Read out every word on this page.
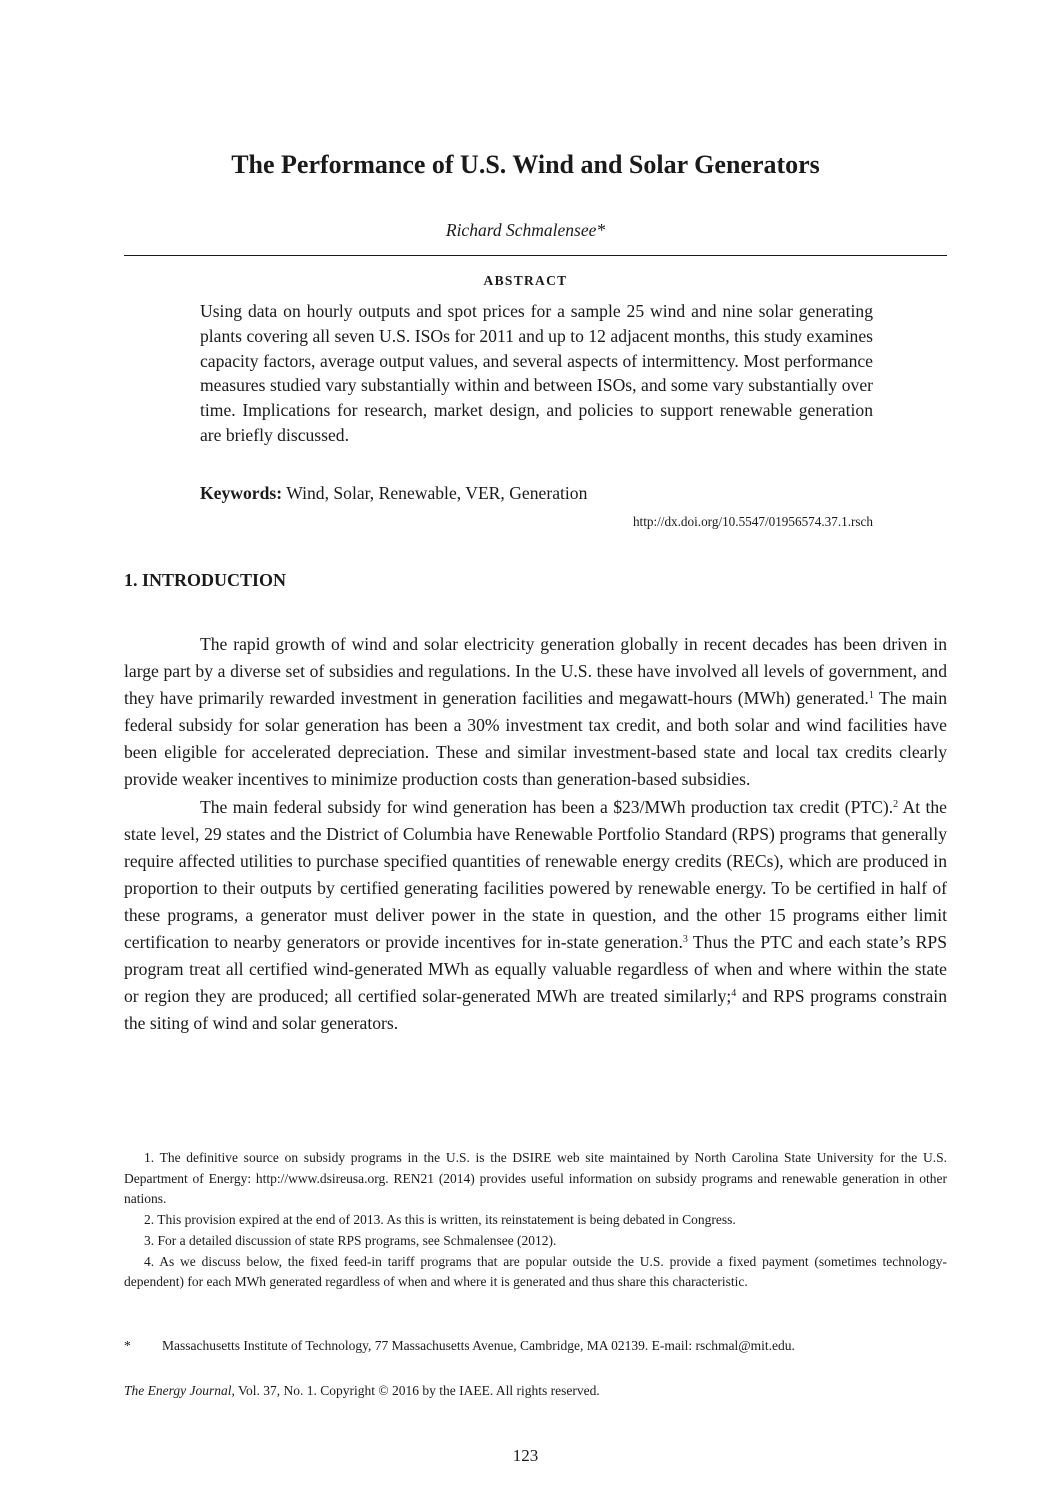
The Performance of U.S. Wind and Solar Generators
Richard Schmalensee*
ABSTRACT

Using data on hourly outputs and spot prices for a sample 25 wind and nine solar generating plants covering all seven U.S. ISOs for 2011 and up to 12 adjacent months, this study examines capacity factors, average output values, and several aspects of intermittency. Most performance measures studied vary substantially within and between ISOs, and some vary substantially over time. Implications for research, market design, and policies to support renewable generation are briefly discussed.

Keywords: Wind, Solar, Renewable, VER, Generation

http://dx.doi.org/10.5547/01956574.37.1.rsch
1. INTRODUCTION

The rapid growth of wind and solar electricity generation globally in recent decades has been driven in large part by a diverse set of subsidies and regulations. In the U.S. these have involved all levels of government, and they have primarily rewarded investment in generation facilities and megawatt-hours (MWh) generated.$^1$ The main federal subsidy for solar generation has been a 30% investment tax credit, and both solar and wind facilities have been eligible for accelerated depreciation. These and similar investment-based state and local tax credits clearly provide weaker incentives to minimize production costs than generation-based subsidies.

The main federal subsidy for wind generation has been a $23/MWh production tax credit (PTC).$^2$ At the state level, 29 states and the District of Columbia have Renewable Portfolio Standard (RPS) programs that generally require affected utilities to purchase specified quantities of renewable energy credits (RECs), which are produced in proportion to their outputs by certified generating facilities powered by renewable energy. To be certified in half of these programs, a generator must deliver power in the state in question, and the other 15 programs either limit certification to nearby generators or provide incentives for in-state generation.$^3$ Thus the PTC and each state’s RPS program treat all certified wind-generated MWh as equally valuable regardless of when and where within the state or region they are produced; all certified solar-generated MWh are treated similarly;$^4$ and RPS programs constrain the siting of wind and solar generators.

1. The definitive source on subsidy programs in the U.S. is the DSIRE web site maintained by North Carolina State University for the U.S. Department of Energy: http://www.dsireusa.org. REN21 (2014) provides useful information on subsidy programs and renewable generation in other nations.

2. This provision expired at the end of 2013. As this is written, its reinstatement is being debated in Congress.

3. For a detailed discussion of state RPS programs, see Schmalensee (2012).

4. As we discuss below, the fixed feed-in tariff programs that are popular outside the U.S. provide a fixed payment (sometimes technology-dependent) for each MWh generated regardless of when and where it is generated and thus share this characteristic.

* Massachusetts Institute of Technology, 77 Massachusetts Avenue, Cambridge, MA 02139. E-mail: rschmal@mit.edu.
The Energy Journal, Vol. 37, No. 1. Copyright © 2016 by the IAEE. All rights reserved.
123
